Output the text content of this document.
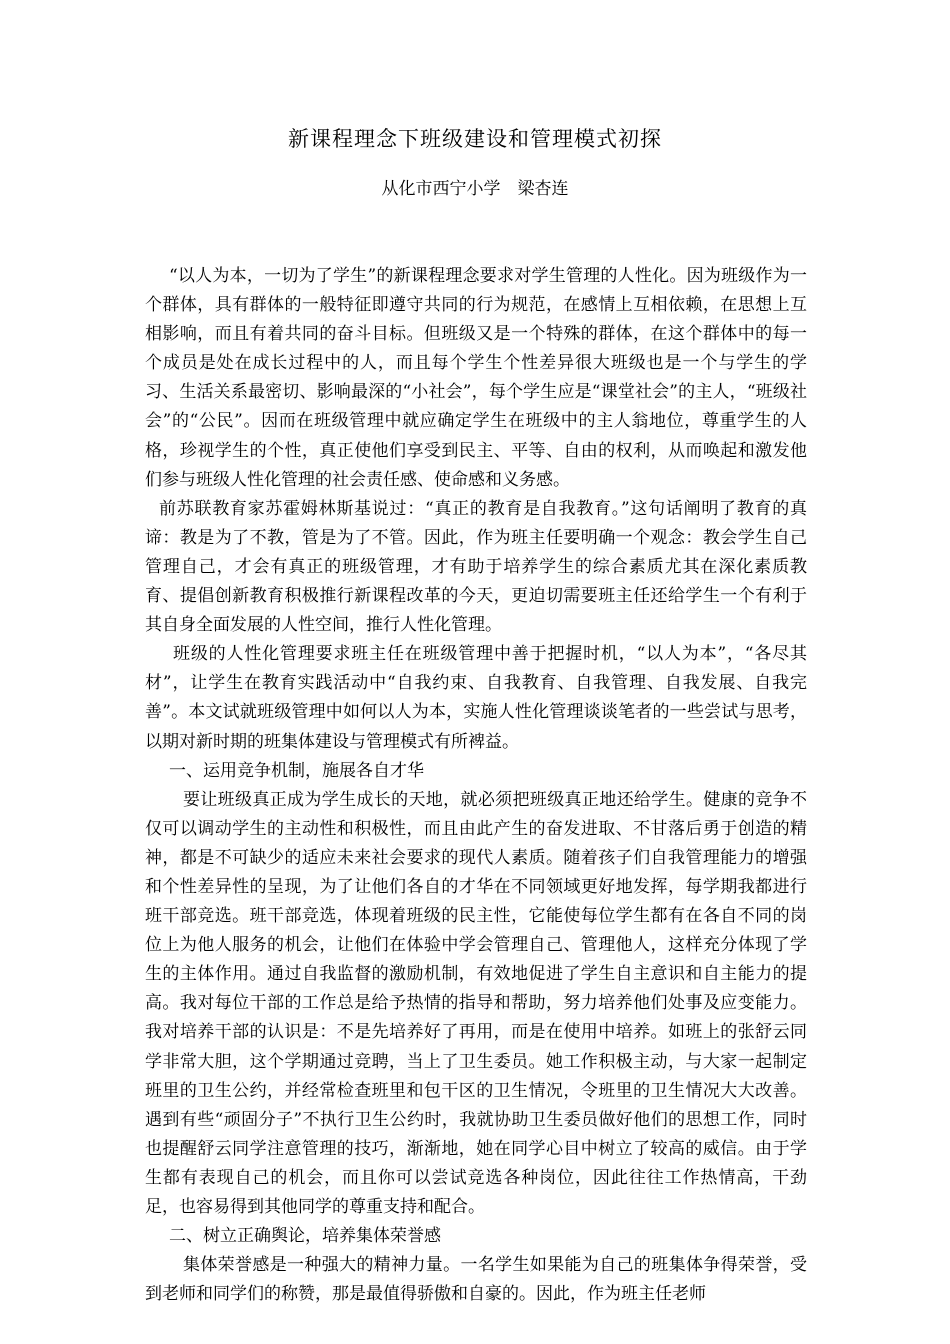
新课程理念下班级建设和管理模式初探
从化市西宁小学　梁杏连

“以人为本，一切为了学生”的新课程理念要求对学生管理的人性化。因为班级作为一个群体，具有群体的一般特征即遵守共同的行为规范，在感情上互相依赖，在思想上互相影响，而且有着共同的奋斗目标。但班级又是一个特殊的群体，在这个群体中的每一个成员是处在成长过程中的人，而且每个学生个性差异很大班级也是一个与学生的学习、生活关系最密切、影响最深的“小社会”，每个学生应是“课堂社会”的主人，“班级社会”的“公民”。因而在班级管理中就应确定学生在班级中的主人翁地位，尊重学生的人格，珍视学生的个性，真正使他们享受到民主、平等、自由的权利，从而唤起和激发他们参与班级人性化管理的社会责任感、使命感和义务感。

前苏联教育家苏霍姆林斯基说过：“真正的教育是自我教育。”这句话阐明了教育的真谛：教是为了不教，管是为了不管。因此，作为班主任要明确一个观念：教会学生自己管理自己，才会有真正的班级管理，才有助于培养学生的综合素质尤其在深化素质教育、提倡创新教育积极推行新课程改革的今天，更迫切需要班主任还给学生一个有利于其自身全面发展的人性空间，推行人性化管理。

班级的人性化管理要求班主任在班级管理中善于把握时机，“以人为本”，“各尽其材”，让学生在教育实践活动中“自我约束、自我教育、自我管理、自我发展、自我完善”。本文试就班级管理中如何以人为本，实施人性化管理谈谈笔者的一些尝试与思考，以期对新时期的班集体建设与管理模式有所裨益。

一、运用竞争机制，施展各自才华

要让班级真正成为学生成长的天地，就必须把班级真正地还给学生。健康的竞争不仅可以调动学生的主动性和积极性，而且由此产生的奋发进取、不甘落后勇于创造的精神，都是不可缺少的适应未来社会要求的现代人素质。随着孩子们自我管理能力的增强和个性差异性的呈现，为了让他们各自的才华在不同领域更好地发挥，每学期我都进行班干部竞选。班干部竞选，体现着班级的民主性，它能使每位学生都有在各自不同的岗位上为他人服务的机会，让他们在体验中学会管理自己、管理他人，这样充分体现了学生的主体作用。通过自我监督的激励机制，有效地促进了学生自主意识和自主能力的提高。我对每位干部的工作总是给予热情的指导和帮助，努力培养他们处事及应变能力。我对培养干部的认识是：不是先培养好了再用，而是在使用中培养。如班上的张舒云同学非常大胆，这个学期通过竞聘，当上了卫生委员。她工作积极主动，与大家一起制定班里的卫生公约，并经常检查班里和包干区的卫生情况，令班里的卫生情况大大改善。遇到有些“顽固分子”不执行卫生公约时，我就协助卫生委员做好他们的思想工作，同时也提醒舒云同学注意管理的技巧，渐渐地，她在同学心目中树立了较高的威信。由于学生都有表现自己的机会，而且你可以尝试竞选各种岗位，因此往往工作热情高，干劲足，也容易得到其他同学的尊重支持和配合。

二、树立正确舆论，培养集体荣誉感

集体荣誉感是一种强大的精神力量。一名学生如果能为自己的班集体争得荣誉，受到老师和同学们的称赞，那是最值得骄傲和自豪的。因此，作为班主任老师
